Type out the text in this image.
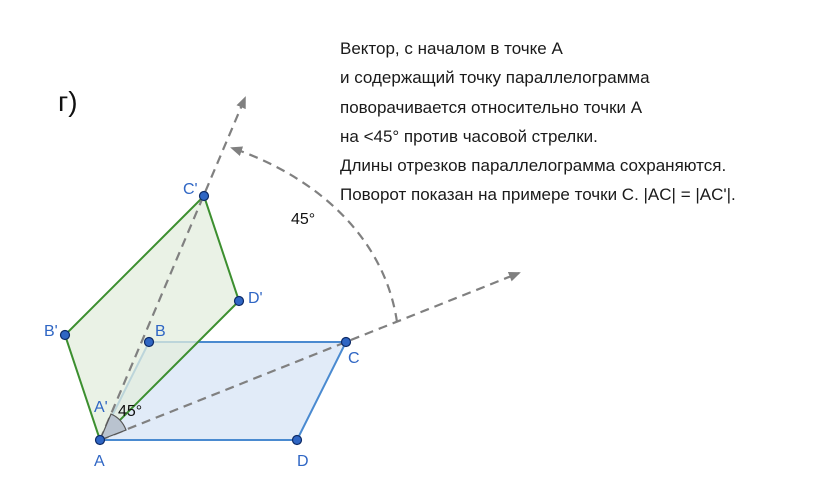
A
B
C
D
A'
B'
C'
D'
45°
45°
г)
Вектор, с началом в точке A
и содержащий точку параллелограмма
поворачивается относительно точки A
на <45° против часовой стрелки.
Длины отрезков параллелограмма сохраняются.
Поворот показан на примере точки C. |AC| = |AC'|.
